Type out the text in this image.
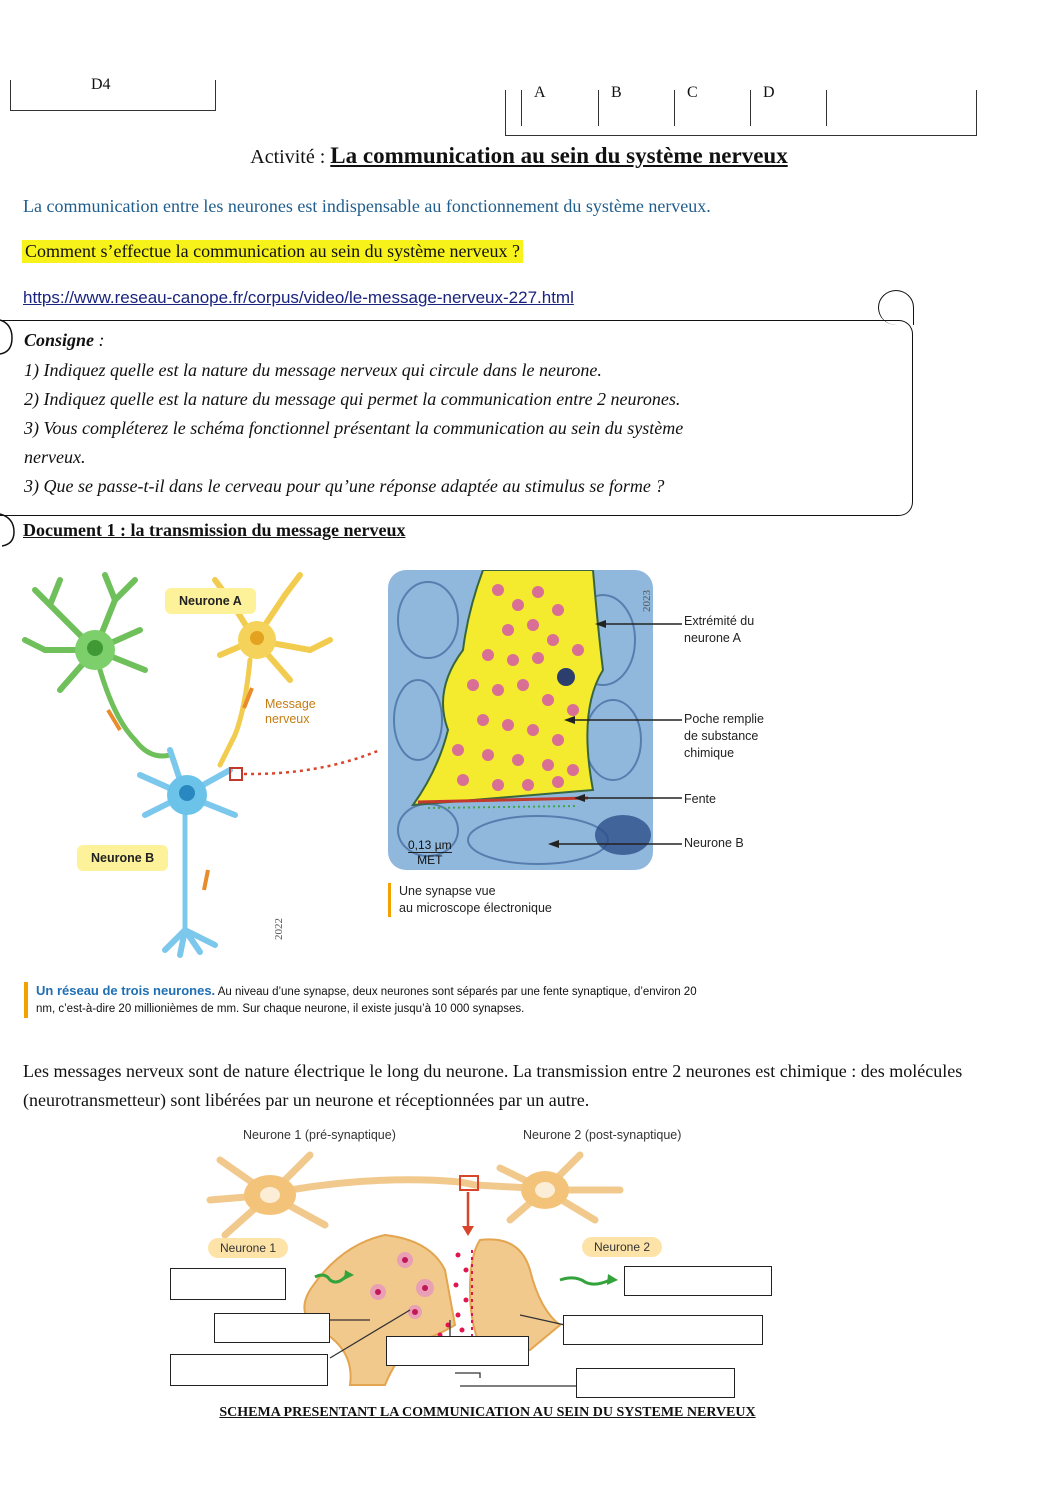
D4	A	B	C	D
Activité : La communication au sein du système nerveux
La communication entre les neurones est indispensable au fonctionnement du système nerveux.
Comment s’effectue la communication au sein du système nerveux ?
https://www.reseau-canope.fr/corpus/video/le-message-nerveux-227.html
Consigne :
1) Indiquez quelle est la nature du message nerveux qui circule dans le neurone.
2) Indiquez quelle est la nature du message qui permet la communication entre 2 neurones.
3) Vous compléterez le schéma fonctionnel présentant la communication au sein du système
nerveux.
3) Que se passe-t-il dans le cerveau pour qu’une réponse adaptée au stimulus se forme ?
Document 1 : la transmission du message nerveux
2022
Neurone A
Neurone B
Message
nerveux
2023
0,13 µm
MET
Extrémité du
neurone A
Poche remplie
de substance
chimique
Fente
Neurone B
Une synapse vue
au microscope électronique
Un réseau de trois neurones. Au niveau d’une synapse, deux neurones sont séparés par une fente synaptique, d’environ 20 nm, c’est-à-dire 20 millionièmes de mm. Sur chaque neurone, il existe jusqu’à 10 000 synapses.
Les messages nerveux sont de nature électrique le long du neurone. La transmission entre 2 neurones est chimique : des molécules (neurotransmetteur) sont libérées par un neurone et réceptionnées par un autre.
Neurone 1 (pré-synaptique)	Neurone 2 (post-synaptique)
Neurone 1	Neurone 2
SCHEMA PRESENTANT LA COMMUNICATION AU SEIN DU SYSTEME NERVEUX
